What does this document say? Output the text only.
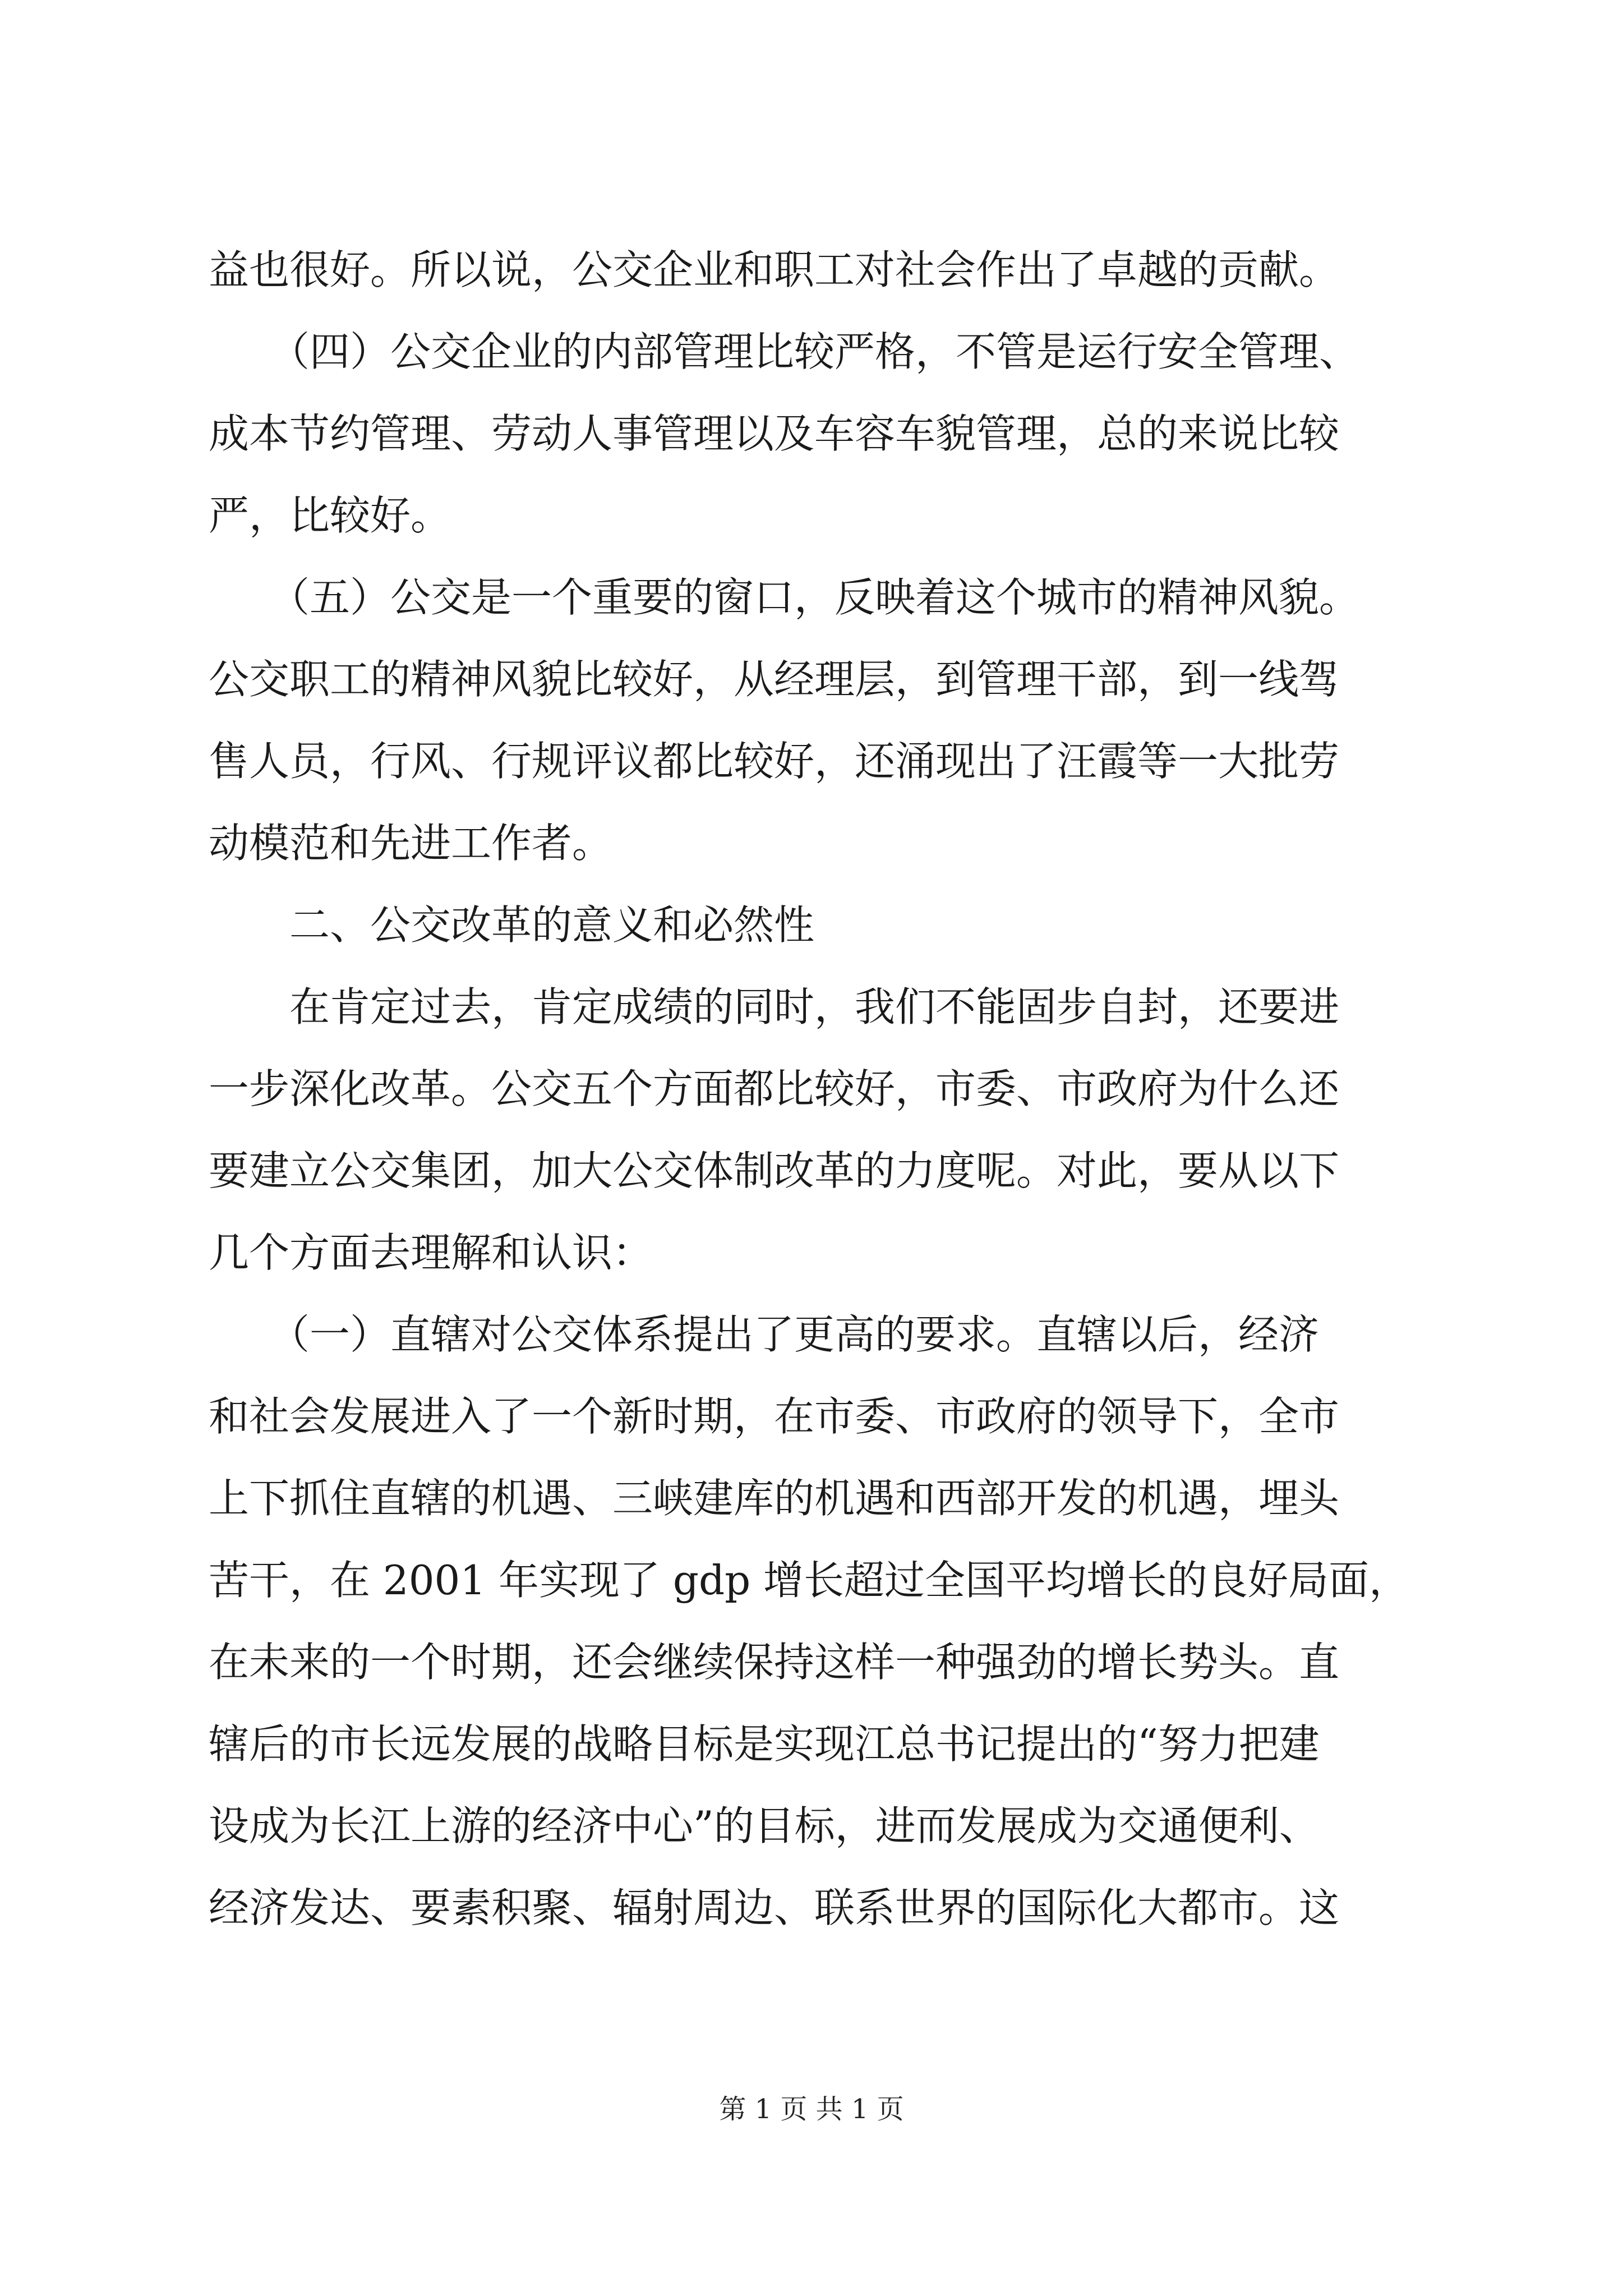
益也很好。所以说，公交企业和职工对社会作出了卓越的贡献。
　　（四）公交企业的内部管理比较严格，不管是运行安全管理、
成本节约管理、劳动人事管理以及车容车貌管理，总的来说比较
严，比较好。
　　（五）公交是一个重要的窗口，反映着这个城市的精神风貌。
公交职工的精神风貌比较好，从经理层，到管理干部，到一线驾
售人员，行风、行规评议都比较好，还涌现出了汪霞等一大批劳
动模范和先进工作者。
　　二、公交改革的意义和必然性
　　在肯定过去，肯定成绩的同时，我们不能固步自封，还要进
一步深化改革。公交五个方面都比较好，市委、市政府为什么还
要建立公交集团，加大公交体制改革的力度呢。对此，要从以下
几个方面去理解和认识：
　　（一）直辖对公交体系提出了更高的要求。直辖以后，经济
和社会发展进入了一个新时期，在市委、市政府的领导下，全市
上下抓住直辖的机遇、三峡建库的机遇和西部开发的机遇，埋头
苦干，在 2001 年实现了 gdp 增长超过全国平均增长的良好局面，
在未来的一个时期，还会继续保持这样一种强劲的增长势头。直
辖后的市长远发展的战略目标是实现江总书记提出的“努力把建
设成为长江上游的经济中心”的目标，进而发展成为交通便利、
经济发达、要素积聚、辐射周边、联系世界的国际化大都市。这
第 1 页 共 1 页
